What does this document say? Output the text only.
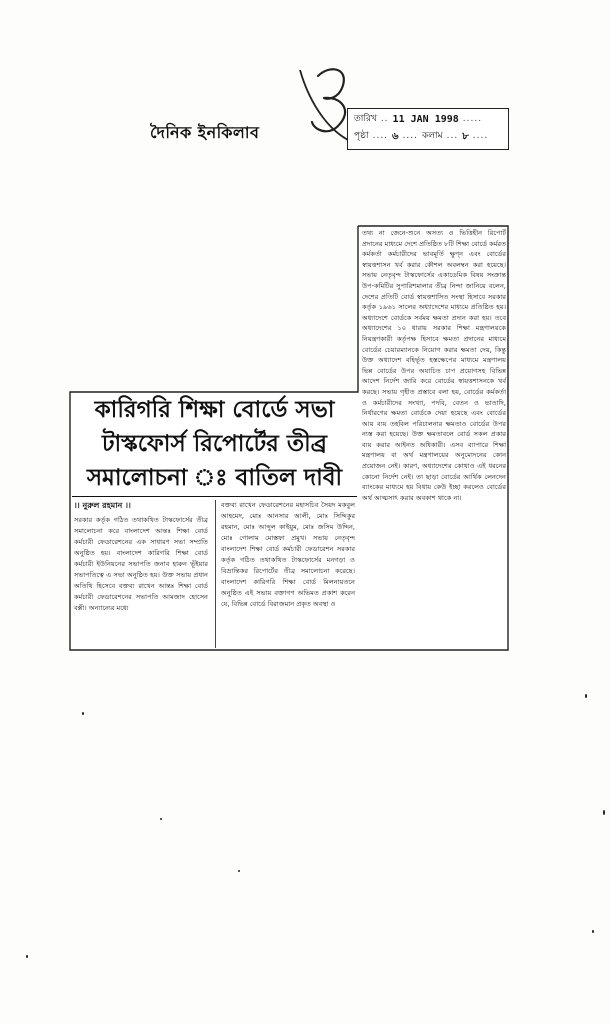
দৈনিক ইনকিলাব
৩
তারিখ .. 11 JAN 1998 .....
পৃষ্ঠা .... ৬ .... কলাম ... ৮ ....
তথ্য না জেনে-শুনে অসত্য ও ভিত্তিহীন রিপোর্ট প্রদানের মাধ্যমে দেশে প্রতিষ্ঠিত ৮টি শিক্ষা বোর্ডে কর্মরত কর্মকর্তা কর্মচারীদের ভাবমূর্তি ক্ষুণ্ন এবং বোর্ডের স্বায়ত্তশাসন খর্ব করার কৌশল অবলম্বন করা হয়েছে। সভায় নেতৃবৃন্দ টাস্কফোর্সের একাডেমিক বিষয় সংক্রান্ত উপ-কমিটির সুপারিশমালার তীব্র নিন্দা জানিয়ে বলেন, দেশের প্রতিটি বোর্ড স্বায়ত্তশাসিত সংস্থা হিসাবে সরকার কর্তৃক ১৯৬১ সালের অধ্যাদেশের মাধ্যমে প্রতিষ্ঠিত হয়। অধ্যাদেশে বোর্ডকে সর্বময় ক্ষমতা প্রদান করা হয়। তবে অধ্যাদেশের ১০ ধারায় সরকার শিক্ষা মন্ত্রণালয়কে নিয়ন্ত্রণকারী কর্তৃপক্ষ হিসাবে ক্ষমতা প্রদানের মাধ্যমে বোর্ডের চেয়ারম্যানকে নিয়োগ করার ক্ষমতা দেয়, কিন্তু উক্ত অধ্যাদেশ বহির্ভূত হস্তক্ষেপের মাধ্যমে মন্ত্রণালয় ভিন্ন বোর্ডের উপর অযাচিত চাপ প্রয়োগসহ বিভিন্ন আদেশ নির্দেশ জারি করে বোর্ডের স্বায়ত্তশাসনকে খর্ব করছে। সভায় গৃহীত প্রস্তাবে বলা হয়, বোর্ডের কর্মকর্তা ও কর্মচারীদের সংখ্যা, পদবি, বেতন ও ভাতাদি, নির্ধারণের ক্ষমতা বোর্ডকে দেয়া হয়েছে এবং বোর্ডের আয় ব্যয় তহবিল পরিচালনার ক্ষমতাও বোর্ডের উপর ন্যস্ত করা হয়েছে। উক্ত ক্ষমতাবলে বোর্ড সকল প্রকার ব্যয় করার আইনত অধিকারী। এসব ব্যাপারে শিক্ষা মন্ত্রণালয় বা অর্থ মন্ত্রণালয়ের অনুমোদনের কোন প্রয়োজন নেই। কারণ, অধ্যাদেশের কোথাও এই ধরনের কোনো নির্দেশ নেই। তা ছাড়া বোর্ডের আর্থিক লেনদেন ব্যাংকের মাধ্যমে হয় বিধায় কেউ ইচ্ছা করলেও বোর্ডের অর্থ আত্মসাৎ করার অবকাশ থাকে না।
কারিগরি শিক্ষা বোর্ডে সভা
টাস্কফোর্স রিপোর্টের তীব্র
সমালোচনা ঃ বাতিল দাবী
।। নুরুল রহমান ।।
সরকার কর্তৃক গঠিত তথাকথিত টাস্কফোর্সের তীব্র সমালোচনা করে বাংলাদেশ আন্তঃ শিক্ষা বোর্ড কর্মচারী ফেডারেশনের এক সাধারণ সভা সম্প্রতি অনুষ্ঠিত হয়। বাংলাদেশ কারিগরি শিক্ষা বোর্ড কর্মচারী ইউনিয়নের সভাপতি জনাব হারুন ভূঁইয়ার সভাপতিত্বে এ সভা অনুষ্ঠিত হয়। উক্ত সভায় প্রধান অতিথি হিসেবে বক্তব্য রাখেন আন্তঃ শিক্ষা বোর্ড কর্মচারী ফেডারেশনের সভাপতি আমজাদ হোসেন বক্সী। অন্যান্যের মধ্যে
বক্তব্য রাখেন ফেডারেশনের মহাসচিব সৈয়দ মকবুল আহমেদ, মোঃ আনসার আলী, মোঃ সিদ্দিকুর রহমান, মোঃ আব্দুল কাইয়ুম, মোঃ জসিম উদ্দিন, মোঃ গোলাম মোস্তফা প্রমুখ। সভায় নেতৃবৃন্দ বাংলাদেশ শিক্ষা বোর্ড কর্মচারী ফেডারেশন সরকার কর্তৃক গঠিত তথাকথিত টাস্কফোর্সের মনগড়া ও বিভ্রান্তিকর রিপোর্টের তীব্র সমালোচনা করেছে। বাংলাদেশ কারিগরি শিক্ষা বোর্ড মিলনায়তনে অনুষ্ঠিত এই সভায় বক্তাগণ অভিমত প্রকাশ করেন যে, বিভিন্ন বোর্ডে বিরাজমান প্রকৃত অবস্থা ও
